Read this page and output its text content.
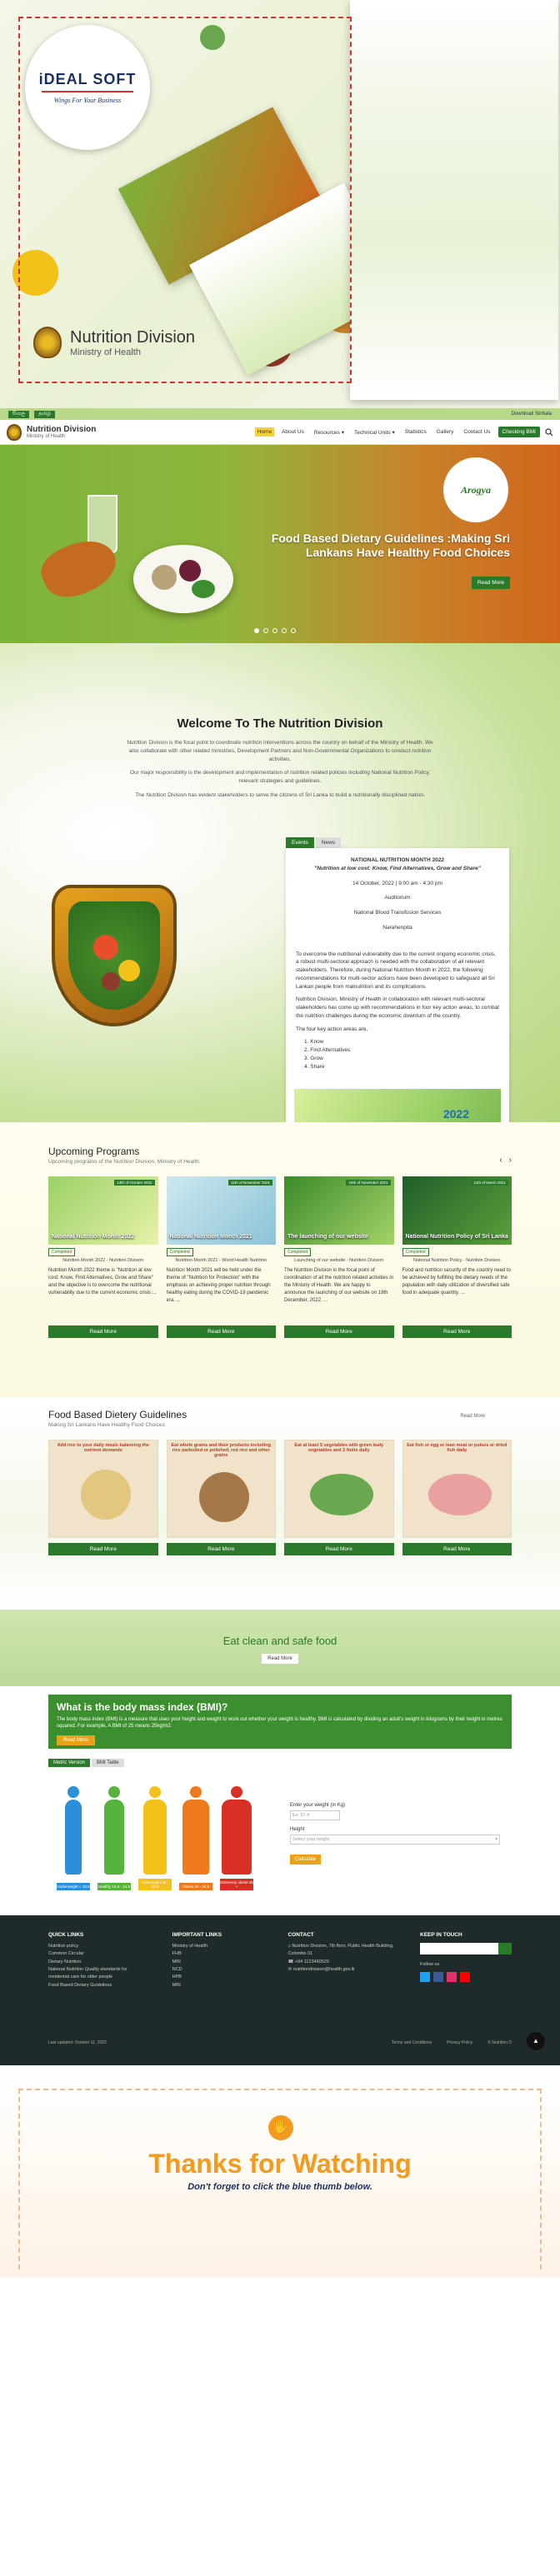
iDEAL SOFT
Wings For Your Business
Nutrition Division
Ministry of Health
සිංහල	தமிழ்	Download Sinhala
Nutrition Division
Ministry of Health
Home	About Us	Resources ▾	Technical Units ▾	Statistics	Gallery	Contact Us	Checking BMI
Arogya
Food Based Dietary Guidelines :Making Sri Lankans Have Healthy Food Choices
Read More
Welcome To The Nutrition Division

Nutrition Division is the focal point to coordinate nutrition interventions across the country on behalf of the Ministry of Health. We also collaborate with other related ministries, Development Partners and Non-Governmental Organizations to conduct nutrition activities.

Our major responsibility is the development and implementation of nutrition related policies including National Nutrition Policy, relevant strategies and guidelines.

The Nutrition Division has evident stakeholders to serve the citizens of Sri Lanka to build a nutritionally disciplined nation.

Events	News
NATIONAL NUTRITION MONTH 2022
"Nutrition at low cost: Know, Find Alternatives, Grow and Share"
14 October, 2022 | 9:00 am - 4:30 pm
Auditorium
National Blood Transfusion Services
Narahenpita
To overcome the nutritional vulnerability due to the current ongoing economic crisis, a robust multi-sectoral approach is needed with the collaboration of all relevant stakeholders. Therefore, during National Nutrition Month in 2022, the following recommendations for multi-sector actions have been developed to safeguard all Sri Lankan people from malnutrition and its complications.
Nutrition Division, Ministry of Health in collaboration with relevant multi-sectoral stakeholders has come up with recommendations in four key action areas, to combat the nutrition challenges during the economic downturn of the country.
The four key action areas are,
1. Know
2. Find Alternatives
3. Grow
4. Share
2022
Upcoming Programs
Upcoming programs of the Nutrition Division, Ministry of Health	‹ ›
13th of October 2022
National Nutrition Month 2022
Completed
Nutrition Month 2022 - Nutrition Division
Nutrition Month 2022 theme is "Nutrition at low cost: Know, Find Alternatives, Grow and Share" and the objective is to overcome the nutritional vulnerability due to the current economic crisis ...
Read More
11th of November 2021
National Nutrition Month 2021
Completed
Nutrition Month 2021 - World Health Nutrition
Nutrition Month 2021 will be held under the theme of "Nutrition for Protection" with the emphasis on achieving proper nutrition through healthy eating during the COVID-19 pandemic era. ...
Read More
19th of November 2021
The launching of our website
Completed
Launching of our website - Nutrition Division
The Nutrition Division is the focal point of coordination of all the nutrition related activities in the Ministry of Health. We are happy to announce the launching of our website on 19th December, 2022. ...
Read More
11th of March 2021
National Nutrition Policy of Sri Lanka
Completed
National Nutrition Policy - Nutrition Division
Food and nutrition security of the country need to be achieved by fulfilling the dietary needs of the population with daily utilization of diversified safe food in adequate quantity. ...
Read More
Food Based Dietery Guidelines
Making Sri Lankans Have Healthy Food Choices
Read More
Add rice to your daily meals balancing the nutrient demands
Read More
Eat whole grains and their products including rice parboiled or polished, red rice and other grains
Read More
Eat at least 5 vegetables with green leafy vegetables and 2 fruits daily
Read More
Eat fish or egg or lean meat or pulses or dried fish daily
Read More
Eat clean and safe food
Read More
What is the body mass index (BMI)?

The body mass index (BMI) is a measure that uses your height and weight to work out whether your weight is healthy. BMI is calculated by dividing an adult's weight in kilograms by their height in metres squared. For example, A BMI of 25 means 25kg/m2.

Read More
Metric Version	BMI Table
Underweight < 18.5 Healthy 18.5 - 24.9
Overweight 25 - 29.9	Obese 30 - 34.9
Extremely obese 35 +
Enter your weight (in Kg)
Ex: 57.4
Height
Select your height	▾
Calculate
QUICK LINKS
Nutrition policy
Common Circular
Dietary Nutrition
National Nutrition Quality standards for residential care for older people
Food Based Dietary Guidelines
IMPORTANT LINKS
Ministry of Health
FHB
MRI
NCD
HPB
MRI
CONTACT
⌂ Nutrition Division, 7th floor, Public Health Building, Colombo 01
☎ +94 1123460520
✉ nutritiondivision@health.gov.lk
KEEP IN TOUCH
Follow us
Last updated: October 11, 2022	Terms and Conditions	Privacy Policy	© Nutrition D	▲
✋
Thanks for Watching
Don't forget to click the blue thumb below.
